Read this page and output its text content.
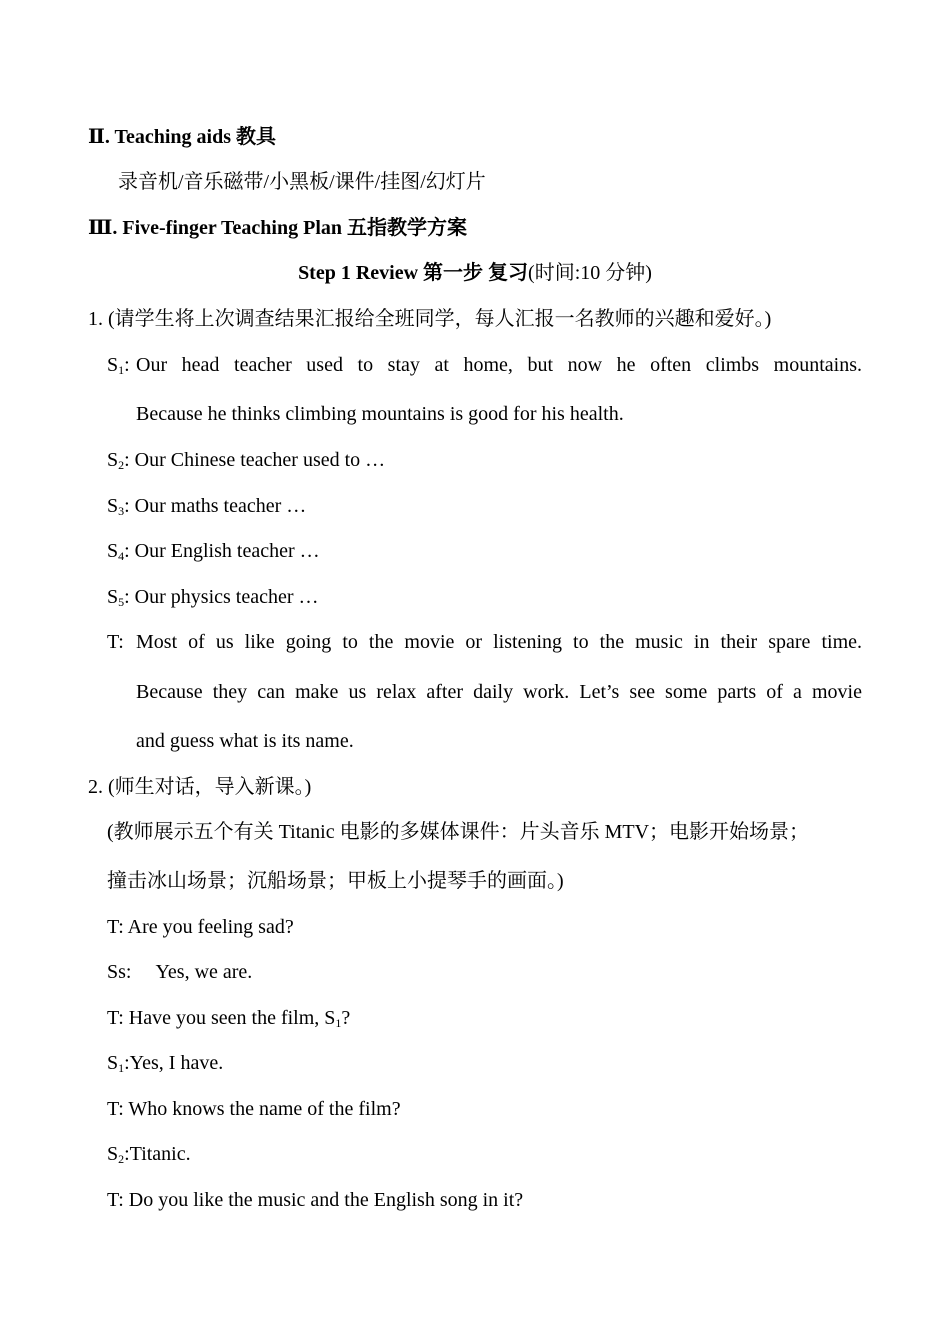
Ⅱ. Teaching aids 教具
录音机/音乐磁带/小黑板/课件/挂图/幻灯片
Ⅲ. Five-finger Teaching Plan 五指教学方案
Step 1 Review 第一步 复习(时间:10 分钟)
1. (请学生将上次调查结果汇报给全班同学，每人汇报一名教师的兴趣和爱好。)
$S_1$: Our head teacher used to stay at home, but now he often climbs mountains.
Because he thinks climbing mountains is good for his health.
$S_2$: Our Chinese teacher used to …
$S_3$: Our maths teacher …
$S_4$: Our English teacher …
$S_5$: Our physics teacher …
T: Most of us like going to the movie or listening to the music in their spare time.
Because they can make us relax after daily work. Let’s see some parts of a movie
and guess what is its name.
2. (师生对话，导入新课。)
(教师展示五个有关 Titanic 电影的多媒体课件：片头音乐 MTV；电影开始场景；
撞击冰山场景；沉船场景；甲板上小提琴手的画面。)
T: Are you feeling sad?
Ss: Yes, we are.
T: Have you seen the film, $S_1$?
$S_1:Yes$, I have.
T: Who knows the name of the film?
$S_2:Titanic$.
T: Do you like the music and the English song in it?
